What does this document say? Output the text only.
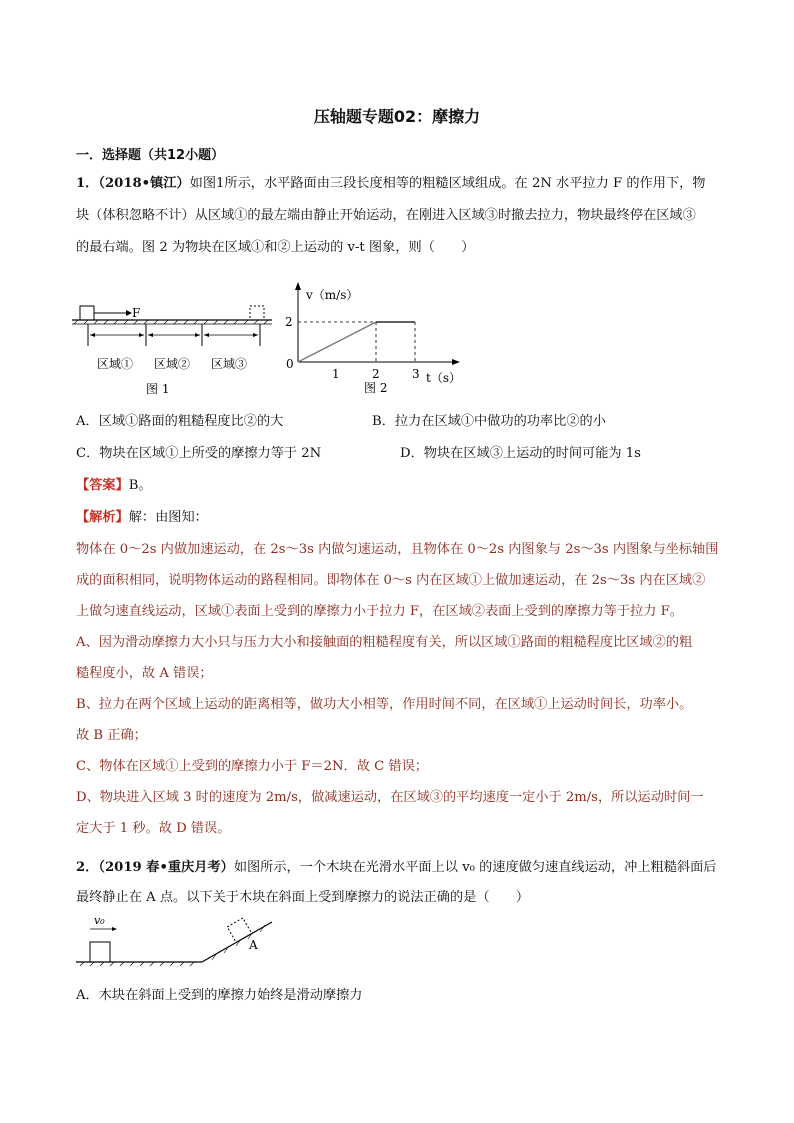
压轴题专题02：摩擦力
一．选择题（共12小题）
1．（2018•镇江）如图1所示，水平路面由三段长度相等的粗糙区域组成。在 2N 水平拉力 F 的作用下，物
块（体积忽略不计）从区域①的最左端由静止开始运动，在刚进入区域③时撤去拉力，物块最终停在区域③
的最右端。图 2 为物块在区域①和②上运动的 v-t 图象，则（　　）
F
区域① 区域② 区域③
图 1
v（m/s）
t（s）
0
2
1	2	3
图 2
A．区域①路面的粗糙程度比②的大	B．拉力在区域①中做功的功率比②的小
C．物块在区域①上所受的摩擦力等于 2N	D．物块在区域③上运动的时间可能为 1s
【答案】B。
【解析】解：由图知：
物体在 0～2s 内做加速运动，在 2s～3s 内做匀速运动，且物体在 0～2s 内图象与 2s～3s 内图象与坐标轴围
成的面积相同，说明物体运动的路程相同。即物体在 0～s 内在区域①上做加速运动，在 2s～3s 内在区域②
上做匀速直线运动，区域①表面上受到的摩擦力小于拉力 F，在区域②表面上受到的摩擦力等于拉力 F。
A、因为滑动摩擦力大小只与压力大小和接触面的粗糙程度有关，所以区域①路面的粗糙程度比区域②的粗
糙程度小，故 A 错误；
B、拉力在两个区域上运动的距离相等，做功大小相等，作用时间不同，在区域①上运动时间长，功率小。
故 B 正确；
C、物体在区域①上受到的摩擦力小于 F＝2N．故 C 错误；
D、物块进入区域 3 时的速度为 2m/s，做减速运动，在区域③的平均速度一定小于 2m/s，所以运动时间一
定大于 1 秒。故 D 错误。
2．（2019 春•重庆月考）如图所示，一个木块在光滑水平面上以 v₀ 的速度做匀速直线运动，冲上粗糙斜面后
最终静止在 A 点。以下关于木块在斜面上受到摩擦力的说法正确的是（　　）
v₀
A
A．木块在斜面上受到的摩擦力始终是滑动摩擦力
